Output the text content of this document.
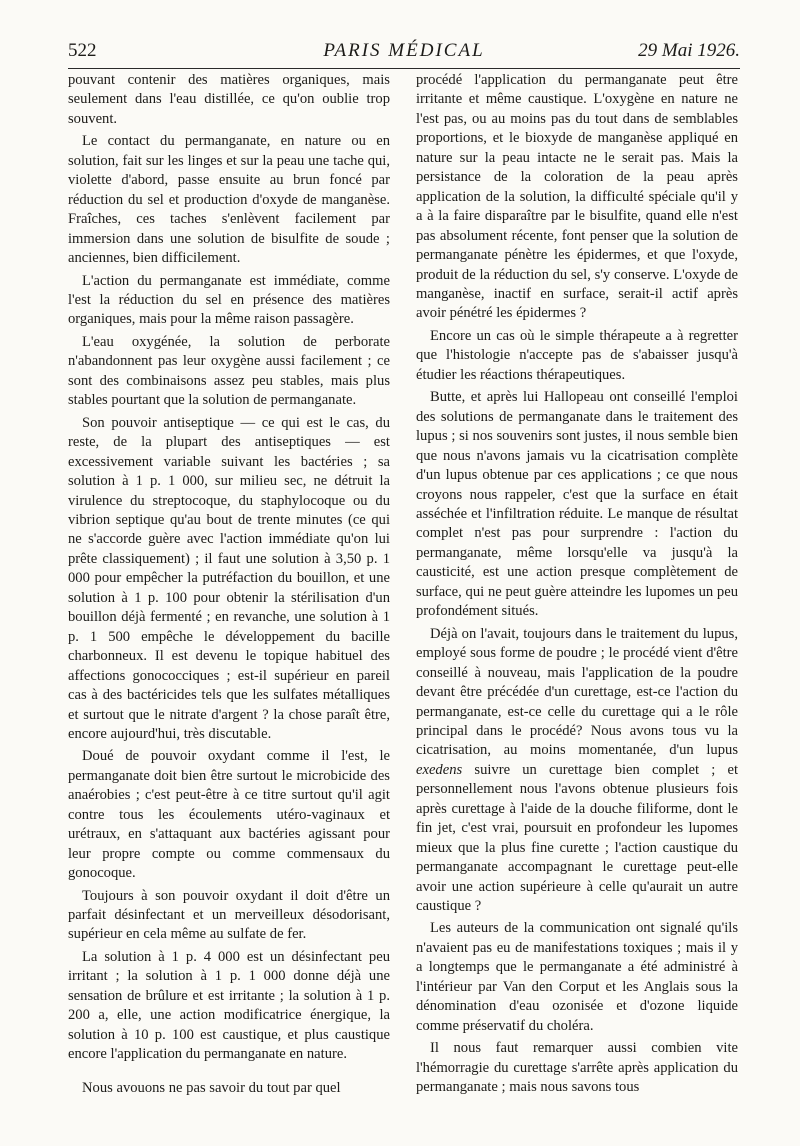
522	PARIS MÉDICAL	29 Mai 1926.

pouvant contenir des matières organiques, mais seulement dans l'eau distillée, ce qu'on oublie trop souvent.

Le contact du permanganate, en nature ou en solution, fait sur les linges et sur la peau une tache qui, violette d'abord, passe ensuite au brun foncé par réduction du sel et production d'oxyde de manganèse. Fraîches, ces taches s'enlèvent facilement par immersion dans une solution de bisulfite de soude ; anciennes, bien difficilement.

L'action du permanganate est immédiate, comme l'est la réduction du sel en présence des matières organiques, mais pour la même raison passagère.

L'eau oxygénée, la solution de perborate n'abandonnent pas leur oxygène aussi facilement ; ce sont des combinaisons assez peu stables, mais plus stables pourtant que la solution de permanganate.

Son pouvoir antiseptique — ce qui est le cas, du reste, de la plupart des antiseptiques — est excessivement variable suivant les bactéries ; sa solution à 1 p. 1 000, sur milieu sec, ne détruit la virulence du streptocoque, du staphylocoque ou du vibrion septique qu'au bout de trente minutes (ce qui ne s'accorde guère avec l'action immédiate qu'on lui prête classiquement) ; il faut une solution à 3,50 p. 1 000 pour empêcher la putréfaction du bouillon, et une solution à 1 p. 100 pour obtenir la stérilisation d'un bouillon déjà fermenté ; en revanche, une solution à 1 p. 1 500 empêche le développement du bacille charbonneux. Il est devenu le topique habituel des affections gonococciques ; est-il supérieur en pareil cas à des bactéricides tels que les sulfates métalliques et surtout que le nitrate d'argent ? la chose paraît être, encore aujourd'hui, très discutable.

Doué de pouvoir oxydant comme il l'est, le permanganate doit bien être surtout le microbicide des anaérobies ; c'est peut-être à ce titre surtout qu'il agit contre tous les écoulements utéro-vaginaux et urétraux, en s'attaquant aux bactéries agissant pour leur propre compte ou comme commensaux du gonocoque.

Toujours à son pouvoir oxydant il doit d'être un parfait désinfectant et un merveilleux désodorisant, supérieur en cela même au sulfate de fer.

La solution à 1 p. 4 000 est un désinfectant peu irritant ; la solution à 1 p. 1 000 donne déjà une sensation de brûlure et est irritante ; la solution à 1 p. 200 a, elle, une action modificatrice énergique, la solution à 10 p. 100 est caustique, et plus caustique encore l'application du permanganate en nature.

Nous avouons ne pas savoir du tout par quel

procédé l'application du permanganate peut être irritante et même caustique. L'oxygène en nature ne l'est pas, ou au moins pas du tout dans de semblables proportions, et le bioxyde de manganèse appliqué en nature sur la peau intacte ne le serait pas. Mais la persistance de la coloration de la peau après application de la solution, la difficulté spéciale qu'il y a à la faire disparaître par le bisulfite, quand elle n'est pas absolument récente, font penser que la solution de permanganate pénètre les épidermes, et que l'oxyde, produit de la réduction du sel, s'y conserve. L'oxyde de manganèse, inactif en surface, serait-il actif après avoir pénétré les épidermes ?

Encore un cas où le simple thérapeute a à regretter que l'histologie n'accepte pas de s'abaisser jusqu'à étudier les réactions thérapeutiques.

Butte, et après lui Hallopeau ont conseillé l'emploi des solutions de permanganate dans le traitement des lupus ; si nos souvenirs sont justes, il nous semble bien que nous n'avons jamais vu la cicatrisation complète d'un lupus obtenue par ces applications ; ce que nous croyons nous rappeler, c'est que la surface en était asséchée et l'infiltration réduite. Le manque de résultat complet n'est pas pour surprendre : l'action du permanganate, même lorsqu'elle va jusqu'à la causticité, est une action presque complètement de surface, qui ne peut guère atteindre les lupomes un peu profondément situés.

Déjà on l'avait, toujours dans le traitement du lupus, employé sous forme de poudre ; le procédé vient d'être conseillé à nouveau, mais l'application de la poudre devant être précédée d'un curettage, est-ce l'action du permanganate, est-ce celle du curettage qui a le rôle principal dans le procédé? Nous avons tous vu la cicatrisation, au moins momentanée, d'un lupus exedens suivre un curettage bien complet ; et personnellement nous l'avons obtenue plusieurs fois après curettage à l'aide de la douche filiforme, dont le fin jet, c'est vrai, poursuit en profondeur les lupomes mieux que la plus fine curette ; l'action caustique du permanganate accompagnant le curettage peut-elle avoir une action supérieure à celle qu'aurait un autre caustique ?

Les auteurs de la communication ont signalé qu'ils n'avaient pas eu de manifestations toxiques ; mais il y a longtemps que le permanganate a été administré à l'intérieur par Van den Corput et les Anglais sous la dénomination d'eau ozonisée et d'ozone liquide comme préservatif du choléra.

Il nous faut remarquer aussi combien vite l'hémorragie du curettage s'arrête après application du permanganate ; mais nous savons tous
